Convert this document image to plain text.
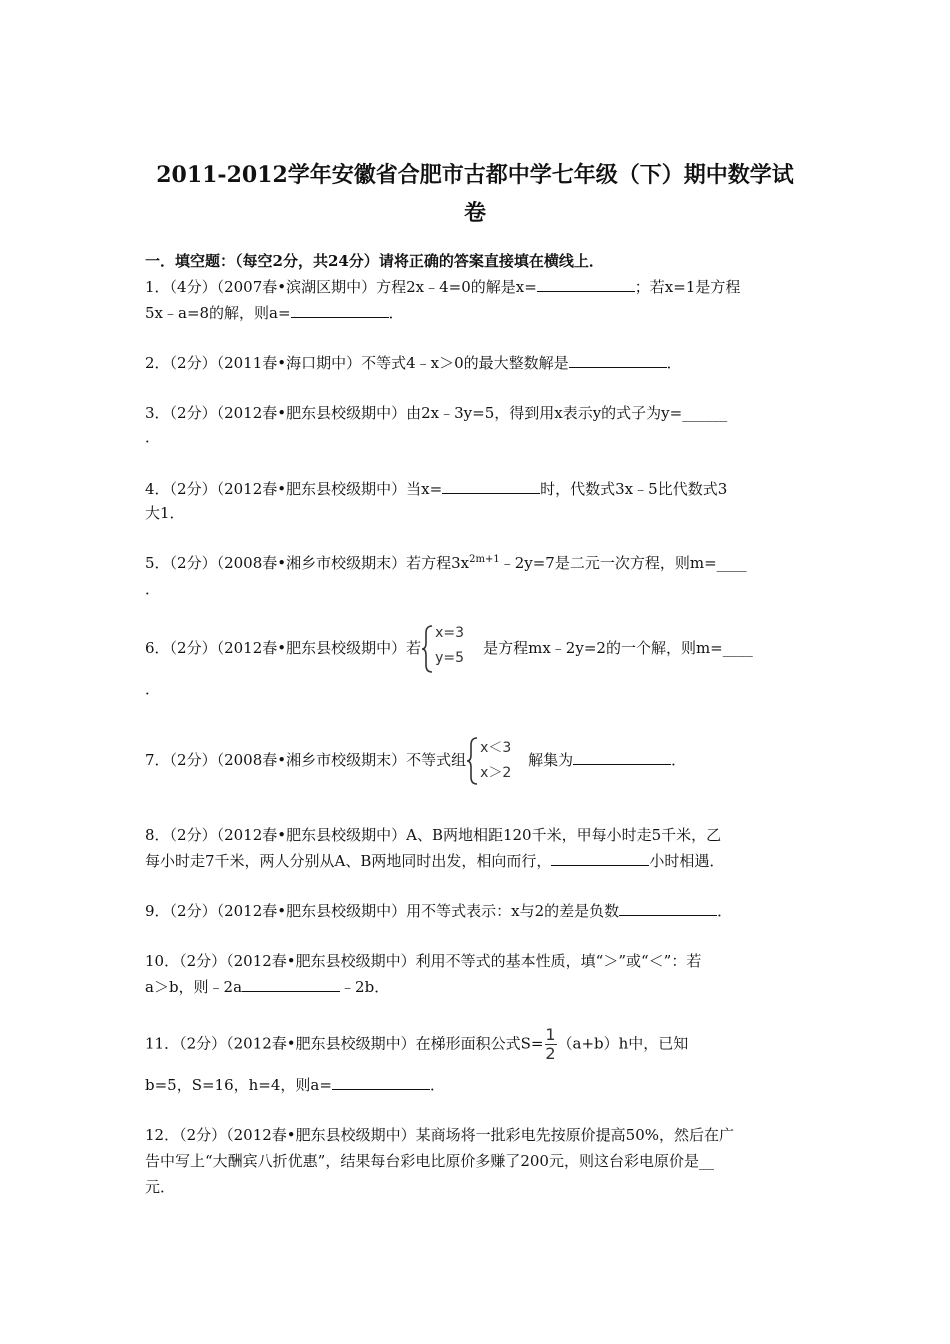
2011-2012学年安徽省合肥市古都中学七年级（下）期中数学试
卷
一．填空题：（每空2分，共24分）请将正确的答案直接填在横线上．
1．（4分）（2007春•滨湖区期中）方程2x﹣4=0的解是x=	；若x=1是方程
5x﹣a=8的解，则a=	．
2．（2分）（2011春•海口期中）不等式4﹣x＞0的最大整数解是	．
3．（2分）（2012春•肥东县校级期中）由2x﹣3y=5，得到用x表示y的式子为y=______
．
4．（2分）（2012春•肥东县校级期中）当x=	时，代数式3x﹣5比代数式3
大1．
5．（2分）（2008春•湘乡市校级期末）若方程$3x^{2m+1}﹣2y=7$是二元一次方程，则m=____
．
6．（2分）（2012春•肥东县校级期中）若
x=3
y=5
是方程mx﹣2y=2的一个解，则m=____
．
7．（2分）（2008春•湘乡市校级期末）不等式组
x＜3
x＞2
解集为	．
8．（2分）（2012春•肥东县校级期中）A、B两地相距120千米，甲每小时走5千米，乙
每小时走7千米，两人分别从A、B两地同时出发，相向而行，	小时相遇．
9．（2分）（2012春•肥东县校级期中）用不等式表示：x与2的差是负数	．
10．（2分）（2012春•肥东县校级期中）利用不等式的基本性质，填“＞”或“＜”：若
a＞b，则﹣2a	﹣2b．
11．（2分）（2012春•肥东县校级期中）在梯形面积公式$S=\frac{1}{2}(a+b)h$中，已知
b=5，S=16，h=4，则a=	．
12．（2分）（2012春•肥东县校级期中）某商场将一批彩电先按原价提高50%，然后在广
告中写上“大酬宾八折优惠”，结果每台彩电比原价多赚了200元，则这台彩电原价是__
元．
